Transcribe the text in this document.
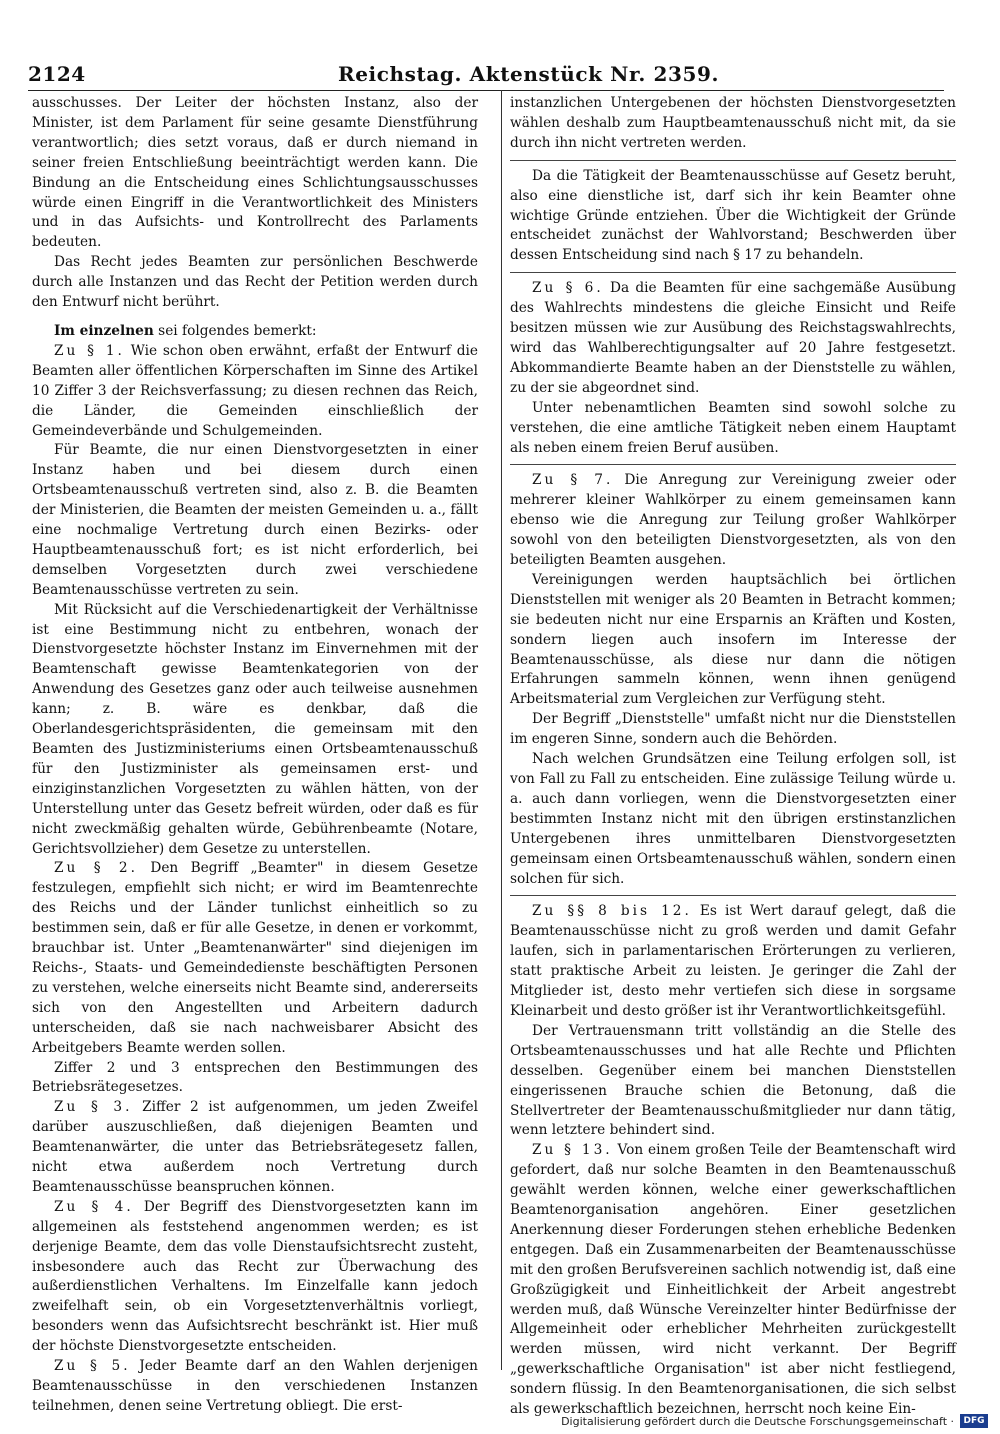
2124	Reichstag. Aktenstück Nr. 2359.

ausschusses. Der Leiter der höchsten Instanz, also der Minister, ist dem Parlament für seine gesamte Dienstführung verantwortlich; dies setzt voraus, daß er durch niemand in seiner freien Entschließung beeinträchtigt werden kann. Die Bindung an die Entscheidung eines Schlichtungsausschusses würde einen Eingriff in die Verantwortlichkeit des Ministers und in das Aufsichts- und Kontrollrecht des Parlaments bedeuten.

Das Recht jedes Beamten zur persönlichen Beschwerde durch alle Instanzen und das Recht der Petition werden durch den Entwurf nicht berührt.

Im einzelnen sei folgendes bemerkt:

Zu § 1. Wie schon oben erwähnt, erfaßt der Entwurf die Beamten aller öffentlichen Körperschaften im Sinne des Artikel 10 Ziffer 3 der Reichsverfassung; zu diesen rechnen das Reich, die Länder, die Gemeinden einschließlich der Gemeindeverbände und Schulgemeinden.

Für Beamte, die nur einen Dienstvorgesetzten in einer Instanz haben und bei diesem durch einen Ortsbeamtenausschuß vertreten sind, also z. B. die Beamten der Ministerien, die Beamten der meisten Gemeinden u. a., fällt eine nochmalige Vertretung durch einen Bezirks- oder Hauptbeamtenausschuß fort; es ist nicht erforderlich, bei demselben Vorgesetzten durch zwei verschiedene Beamtenausschüsse vertreten zu sein.

Mit Rücksicht auf die Verschiedenartigkeit der Verhältnisse ist eine Bestimmung nicht zu entbehren, wonach der Dienstvorgesetzte höchster Instanz im Einvernehmen mit der Beamtenschaft gewisse Beamtenkategorien von der Anwendung des Gesetzes ganz oder auch teilweise ausnehmen kann; z. B. wäre es denkbar, daß die Oberlandesgerichtspräsidenten, die gemeinsam mit den Beamten des Justizministeriums einen Ortsbeamtenausschuß für den Justizminister als gemeinsamen erst- und einziginstanzlichen Vorgesetzten zu wählen hätten, von der Unterstellung unter das Gesetz befreit würden, oder daß es für nicht zweckmäßig gehalten würde, Gebührenbeamte (Notare, Gerichtsvollzieher) dem Gesetze zu unterstellen.

Zu § 2. Den Begriff „Beamter" in diesem Gesetze festzulegen, empfiehlt sich nicht; er wird im Beamtenrechte des Reichs und der Länder tunlichst einheitlich so zu bestimmen sein, daß er für alle Gesetze, in denen er vorkommt, brauchbar ist. Unter „Beamtenanwärter" sind diejenigen im Reichs-, Staats- und Gemeindedienste beschäftigten Personen zu verstehen, welche einerseits nicht Beamte sind, andererseits sich von den Angestellten und Arbeitern dadurch unterscheiden, daß sie nach nachweisbarer Absicht des Arbeitgebers Beamte werden sollen.

Ziffer 2 und 3 entsprechen den Bestimmungen des Betriebsrätegesetzes.

Zu § 3. Ziffer 2 ist aufgenommen, um jeden Zweifel darüber auszuschließen, daß diejenigen Beamten und Beamtenanwärter, die unter das Betriebsrätegesetz fallen, nicht etwa außerdem noch Vertretung durch Beamtenausschüsse beanspruchen können.

Zu § 4. Der Begriff des Dienstvorgesetzten kann im allgemeinen als feststehend angenommen werden; es ist derjenige Beamte, dem das volle Dienstaufsichtsrecht zusteht, insbesondere auch das Recht zur Überwachung des außerdienstlichen Verhaltens. Im Einzelfalle kann jedoch zweifelhaft sein, ob ein Vorgesetztenverhältnis vorliegt, besonders wenn das Aufsichtsrecht beschränkt ist. Hier muß der höchste Dienstvorgesetzte entscheiden.

Zu § 5. Jeder Beamte darf an den Wahlen derjenigen Beamtenausschüsse in den verschiedenen Instanzen teilnehmen, denen seine Vertretung obliegt. Die erst-

instanzlichen Untergebenen der höchsten Dienstvorgesetzten wählen deshalb zum Hauptbeamtenausschuß nicht mit, da sie durch ihn nicht vertreten werden.

Da die Tätigkeit der Beamtenausschüsse auf Gesetz beruht, also eine dienstliche ist, darf sich ihr kein Beamter ohne wichtige Gründe entziehen. Über die Wichtigkeit der Gründe entscheidet zunächst der Wahlvorstand; Beschwerden über dessen Entscheidung sind nach § 17 zu behandeln.

Zu § 6. Da die Beamten für eine sachgemäße Ausübung des Wahlrechts mindestens die gleiche Einsicht und Reife besitzen müssen wie zur Ausübung des Reichstagswahlrechts, wird das Wahlberechtigungsalter auf 20 Jahre festgesetzt. Abkommandierte Beamte haben an der Dienststelle zu wählen, zu der sie abgeordnet sind.

Unter nebenamtlichen Beamten sind sowohl solche zu verstehen, die eine amtliche Tätigkeit neben einem Hauptamt als neben einem freien Beruf ausüben.

Zu § 7. Die Anregung zur Vereinigung zweier oder mehrerer kleiner Wahlkörper zu einem gemeinsamen kann ebenso wie die Anregung zur Teilung großer Wahlkörper sowohl von den beteiligten Dienstvorgesetzten, als von den beteiligten Beamten ausgehen.

Vereinigungen werden hauptsächlich bei örtlichen Dienststellen mit weniger als 20 Beamten in Betracht kommen; sie bedeuten nicht nur eine Ersparnis an Kräften und Kosten, sondern liegen auch insofern im Interesse der Beamtenausschüsse, als diese nur dann die nötigen Erfahrungen sammeln können, wenn ihnen genügend Arbeitsmaterial zum Vergleichen zur Verfügung steht.

Der Begriff „Dienststelle" umfaßt nicht nur die Dienststellen im engeren Sinne, sondern auch die Behörden.

Nach welchen Grundsätzen eine Teilung erfolgen soll, ist von Fall zu Fall zu entscheiden. Eine zulässige Teilung würde u. a. auch dann vorliegen, wenn die Dienstvorgesetzten einer bestimmten Instanz nicht mit den übrigen erstinstanzlichen Untergebenen ihres unmittelbaren Dienstvorgesetzten gemeinsam einen Ortsbeamtenausschuß wählen, sondern einen solchen für sich.

Zu §§ 8 bis 12. Es ist Wert darauf gelegt, daß die Beamtenausschüsse nicht zu groß werden und damit Gefahr laufen, sich in parlamentarischen Erörterungen zu verlieren, statt praktische Arbeit zu leisten. Je geringer die Zahl der Mitglieder ist, desto mehr vertiefen sich diese in sorgsame Kleinarbeit und desto größer ist ihr Verantwortlichkeitsgefühl.

Der Vertrauensmann tritt vollständig an die Stelle des Ortsbeamtenausschusses und hat alle Rechte und Pflichten desselben. Gegenüber einem bei manchen Dienststellen eingerissenen Brauche schien die Betonung, daß die Stellvertreter der Beamtenausschußmitglieder nur dann tätig, wenn letztere behindert sind.

Zu § 13. Von einem großen Teile der Beamtenschaft wird gefordert, daß nur solche Beamten in den Beamtenausschuß gewählt werden können, welche einer gewerkschaftlichen Beamtenorganisation angehören. Einer gesetzlichen Anerkennung dieser Forderungen stehen erhebliche Bedenken entgegen. Daß ein Zusammenarbeiten der Beamtenausschüsse mit den großen Berufsvereinen sachlich notwendig ist, daß eine Großzügigkeit und Einheitlichkeit der Arbeit angestrebt werden muß, daß Wünsche Vereinzelter hinter Bedürfnisse der Allgemeinheit oder erheblicher Mehrheiten zurückgestellt werden müssen, wird nicht verkannt. Der Begriff „gewerkschaftliche Organisation" ist aber nicht festliegend, sondern flüssig. In den Beamtenorganisationen, die sich selbst als gewerkschaftlich bezeichnen, herrscht noch keine Ein-

Digitalisierung gefördert durch die Deutsche Forschungsgemeinschaft ·	DFG
